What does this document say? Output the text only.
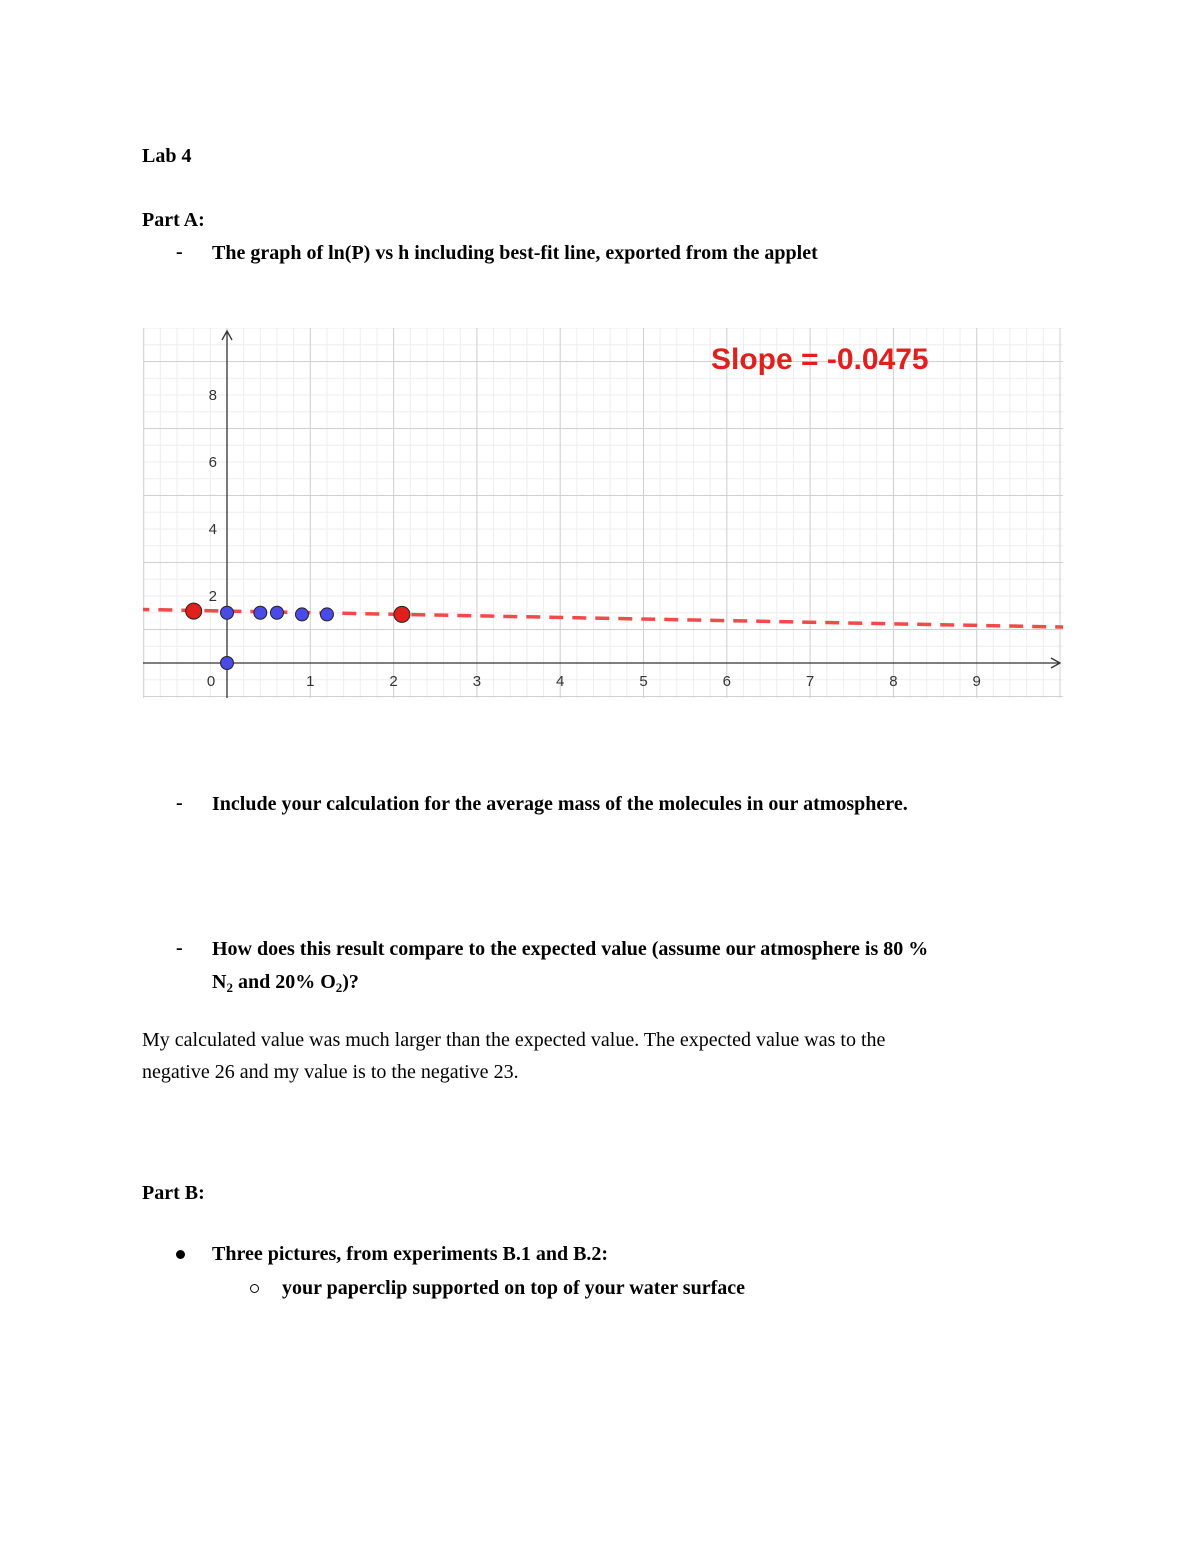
Lab 4
Part A:
- The graph of ln(P) vs h including best-fit line, exported from the applet
0	1	2	3	4	5	6	7	8	9
2
4
6
8
Slope = -0.0475
- Include your calculation for the average mass of the molecules in our atmosphere.
- How does this result compare to the expected value (assume our atmosphere is 80 %
$N_2$ and 20% $O_2$)?
My calculated value was much larger than the expected value. The expected value was to the
negative 26 and my value is to the negative 23.
Part B:
Three pictures, from experiments B.1 and B.2:
your paperclip supported on top of your water surface
